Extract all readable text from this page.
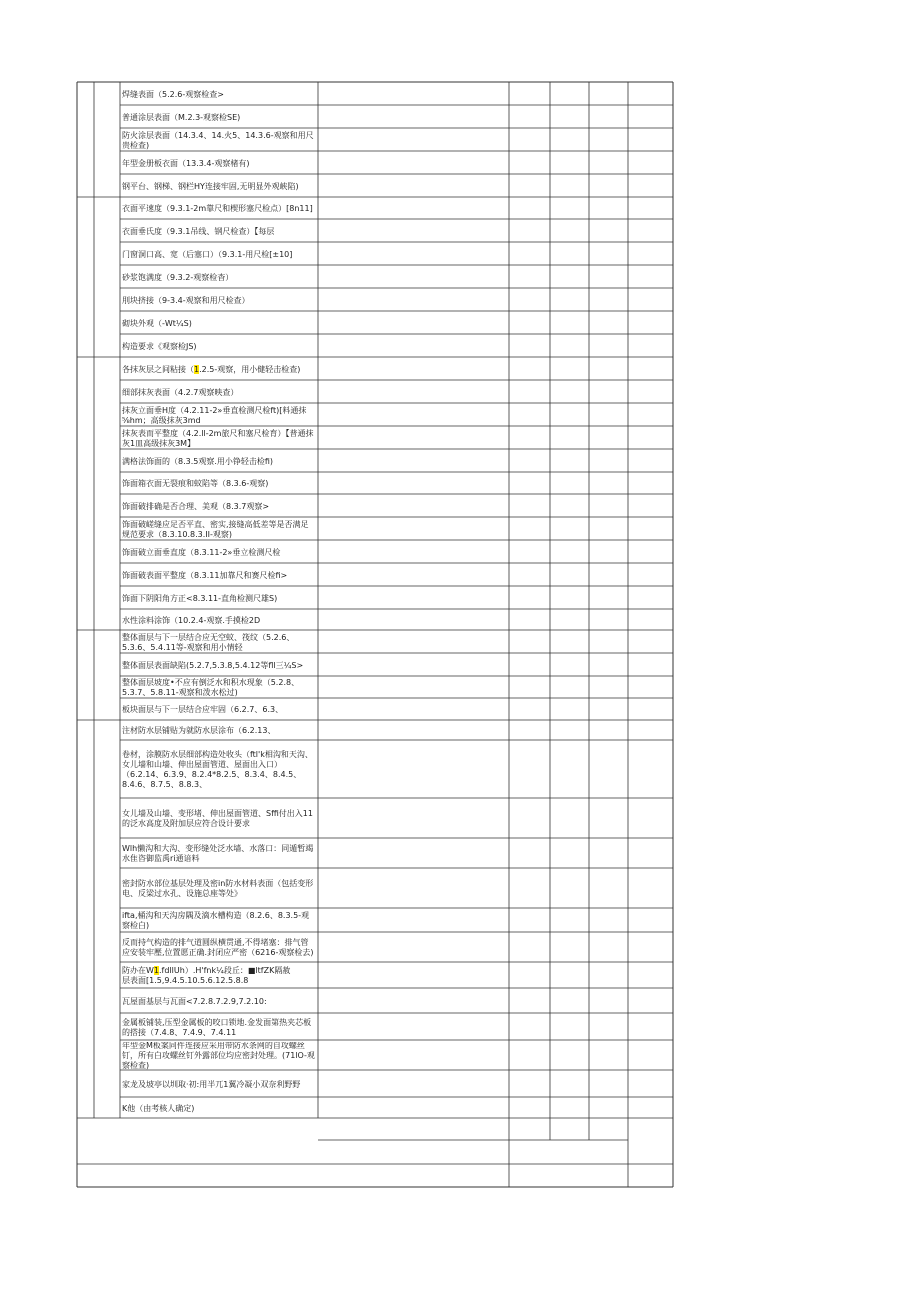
焊缝表面（5.2.6-观察检查>
普通涂层表面（M.2.3-观察检SE)
防火涂层表面（14.3.4、14.火5、14.3.6-观察和用尺贵检查)
年型金册板衣面（13.3.4-观察楮有)
钢平台、钢梯、钢栏HY连接牢固,无明显外观峡陷)
衣面平速度（9.3.1-2m靠尺和楔形塞尺检点）[8n11]
衣面垂氏度（9.3.1吊线、钢尺检查）【每层
门窗洞口高、宽（后塞口）（9.3.1-用尺检[±10]
砂浆饱满度（9.3.2-观察检杳）
刖块挤接（9-3.4-观察和用尺检查）
砌块外观（-Wt¼S)
构造要求《观察检JS)
各抹灰层之间粘接（1.2.5-观察，用小健轻击检查)
细部抹灰表面（4.2.7观察映查）
抹灰立面垂H度（4.2.11-2»垂直检测尺检ft)[料通抹⅝hm；高级抹灰3md
抹灰表而平整度（4.2.ll-2m旅尺和塞尺检育）【普通抹灰1皿高级抹灰3M】
满格法饰面的（8.3.5观察.用小铮轻击检fi)
饰面箱衣面无裂痕和蚊陷等（8.3.6-观察)
饰面破排确是否合理、美观（8.3.7观察>
饰面破嵯缝应足否平直、密实,接缝高低差等是否满足规范要求（8.3.10.8.3.II-观察)
饰面破立面垂直度（8.3.11-2»垂立检测尺检
饰面破表面平整度（8.3.11加靠尺和赛尺检fi>
饰面下阴阳角方正<8.3.11-直角检测尺雄S)
水性涂料涂饰（10.2.4-观察.手摸检2D
整体面层与下一层结合应无空蚊、筏纹（5.2.6、5.3.6、5.4.11等-观察和用小情轻
整体面层表面缺陷(5.2.7,5.3.8,5.4.12等fll三¼S>
整体面层坡度•不应有倒泛水和积水现象（5.2.8、5.3.7、5.8.11-观察和泼水松过)
板块面层与下一层结合应牢固（6.2.7、6.3、
注材防水层铺贴为就防水层涂布（6.2.13、
卷材，涂膜防水层细部构造处收头（ftl'k相沟和天沟、女儿墙和山墙、伸出屋面管道、屋面出入口）（6.2.14、6.3.9、8.2.4*8.2.5、8.3.4、8.4.5、8.4.6、8.7.5、8.8.3、
女儿墙及山墙、变形堵、伸出屋面管道、Sffi付出入11的泛水高度及附加层应符合设计要求
Wlh懒沟和大沟、变形缝处泛水墙、水落口：同遁暂竭水隹咨御监禹ri通谙料
密封防水部位基层处理及密in防水材料表面（包括变形电、反梁过水孔、设施总座等处》
ifta,桶沟和天沟房隅及滴水槽构造（8.2.6、8.3.5-观察检白)
反而持气构造的排气道圆纵横贯通,不得堵塞：排气管应安装牢壓,位置愿正确.封闭应严密（6216-观察检去)
防办在W1.fdllUh）.H'fnk¼段丘：■ltfZK隔赦
层表面[1.5,9.4.5.10.5.6.12.5.8.8
瓦屋面基层与瓦面<7.2.8.7.2.9,7.2.10:
金属板铺装,压型金属板的咬口锁地.金发面第热夹芯板的搭接（7.4.8、7.4.9、7.4.11
年型金M板案同件连接应采用带防水条网的自攻螺丝钉，所有白攻螺丝钉外露部位均应密封处理。(71lO-观察检查)
家龙及坡亭以圳取·初:用半兀1翼冷凝小双奈利野野
K他（由考核人确定)
